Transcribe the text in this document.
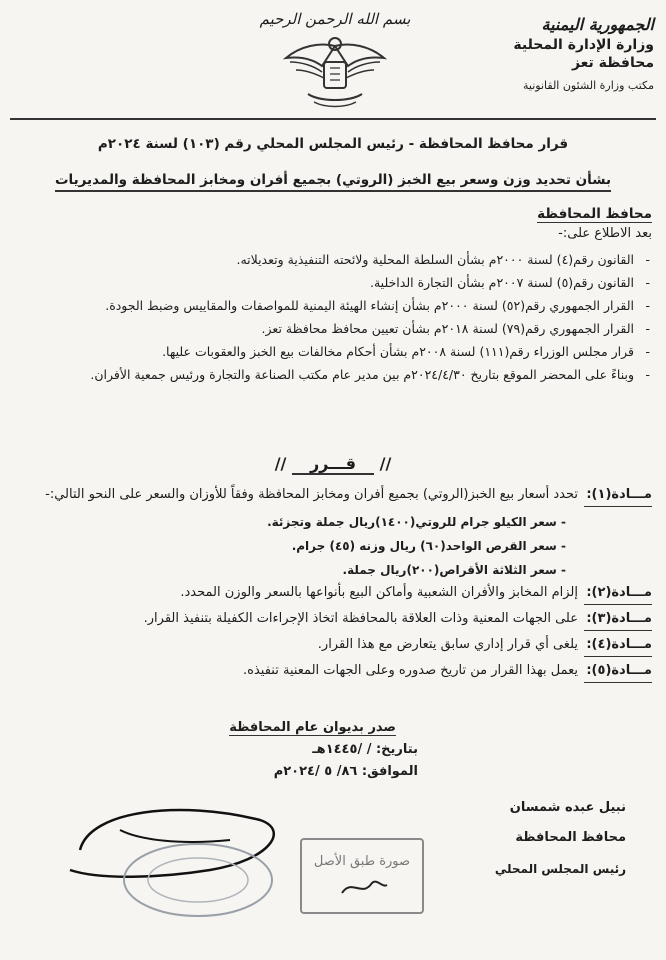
الجمهورية اليمنية
وزارة الإدارة المحلية
محافظة تعز
مكتب وزارة الشئون القانونية
بسم الله الرحمن الرحيم
قرار محافظ المحافظة - رئيس المجلس المحلي رقم (١٠٣) لسنة ٢٠٢٤م
بشأن تحديد وزن وسعر بيع الخبز (الروتي) بجميع أفران ومخابز المحافظة والمديريات
محافظ المحافظة
بعد الاطلاع على:-
- القانون رقم(٤) لسنة ٢٠٠٠م بشأن السلطة المحلية ولائحته التنفيذية وتعديلاته.
- القانون رقم(٥) لسنة ٢٠٠٧م بشأن التجارة الداخلية.
- القرار الجمهوري رقم(٥٢) لسنة ٢٠٠٠م بشأن إنشاء الهيئة اليمنية للمواصفات والمقاييس وضبط الجودة.
- القرار الجمهوري رقم(٧٩) لسنة ٢٠١٨م بشأن تعيين محافظ محافظة تعز.
- قرار مجلس الوزراء رقم(١١١) لسنة ٢٠٠٨م بشأن أحكام مخالفات بيع الخبز والعقوبات عليها.
- وبناءً على المحضر الموقع بتاريخ ٢٠٢٤/٤/٣٠م بين مدير عام مكتب الصناعة والتجارة ورئيس جمعية الأفران.
// قـــرر //
مـــادة(١):
تحدد أسعار بيع الخبز(الروتي) بجميع أفران ومخابز المحافظة وفقاً للأوزان والسعر على النحو التالي:-
- سعر الكيلو جرام للروتي(١٤٠٠)ريال جملة وتجزئة.
- سعر القرص الواحد(٦٠) ريال وزنه (٤٥) جرام.
- سعر الثلاثة الأقراص(٢٠٠)ريال جملة.
مـــادة(٢):
إلزام المخابز والأفران الشعبية وأماكن البيع بأنواعها بالسعر والوزن المحدد.
مـــادة(٣):
على الجهات المعنية وذات العلاقة بالمحافظة اتخاذ الإجراءات الكفيلة بتنفيذ القرار.
مـــادة(٤):
يلغى أي قرار إداري سابق يتعارض مع هذا القرار.
مـــادة(٥):
يعمل بهذا القرار من تاريخ صدوره وعلى الجهات المعنية تنفيذه.
صدر بديوان عام المحافظة
بتاريخ: / /١٤٤٥هـ
الموافق: ٨٦/ ٥ /٢٠٢٤م
نبيل عبده شمسان
محافظ المحافظة
رئيس المجلس المحلي
صورة طبق الأصل
